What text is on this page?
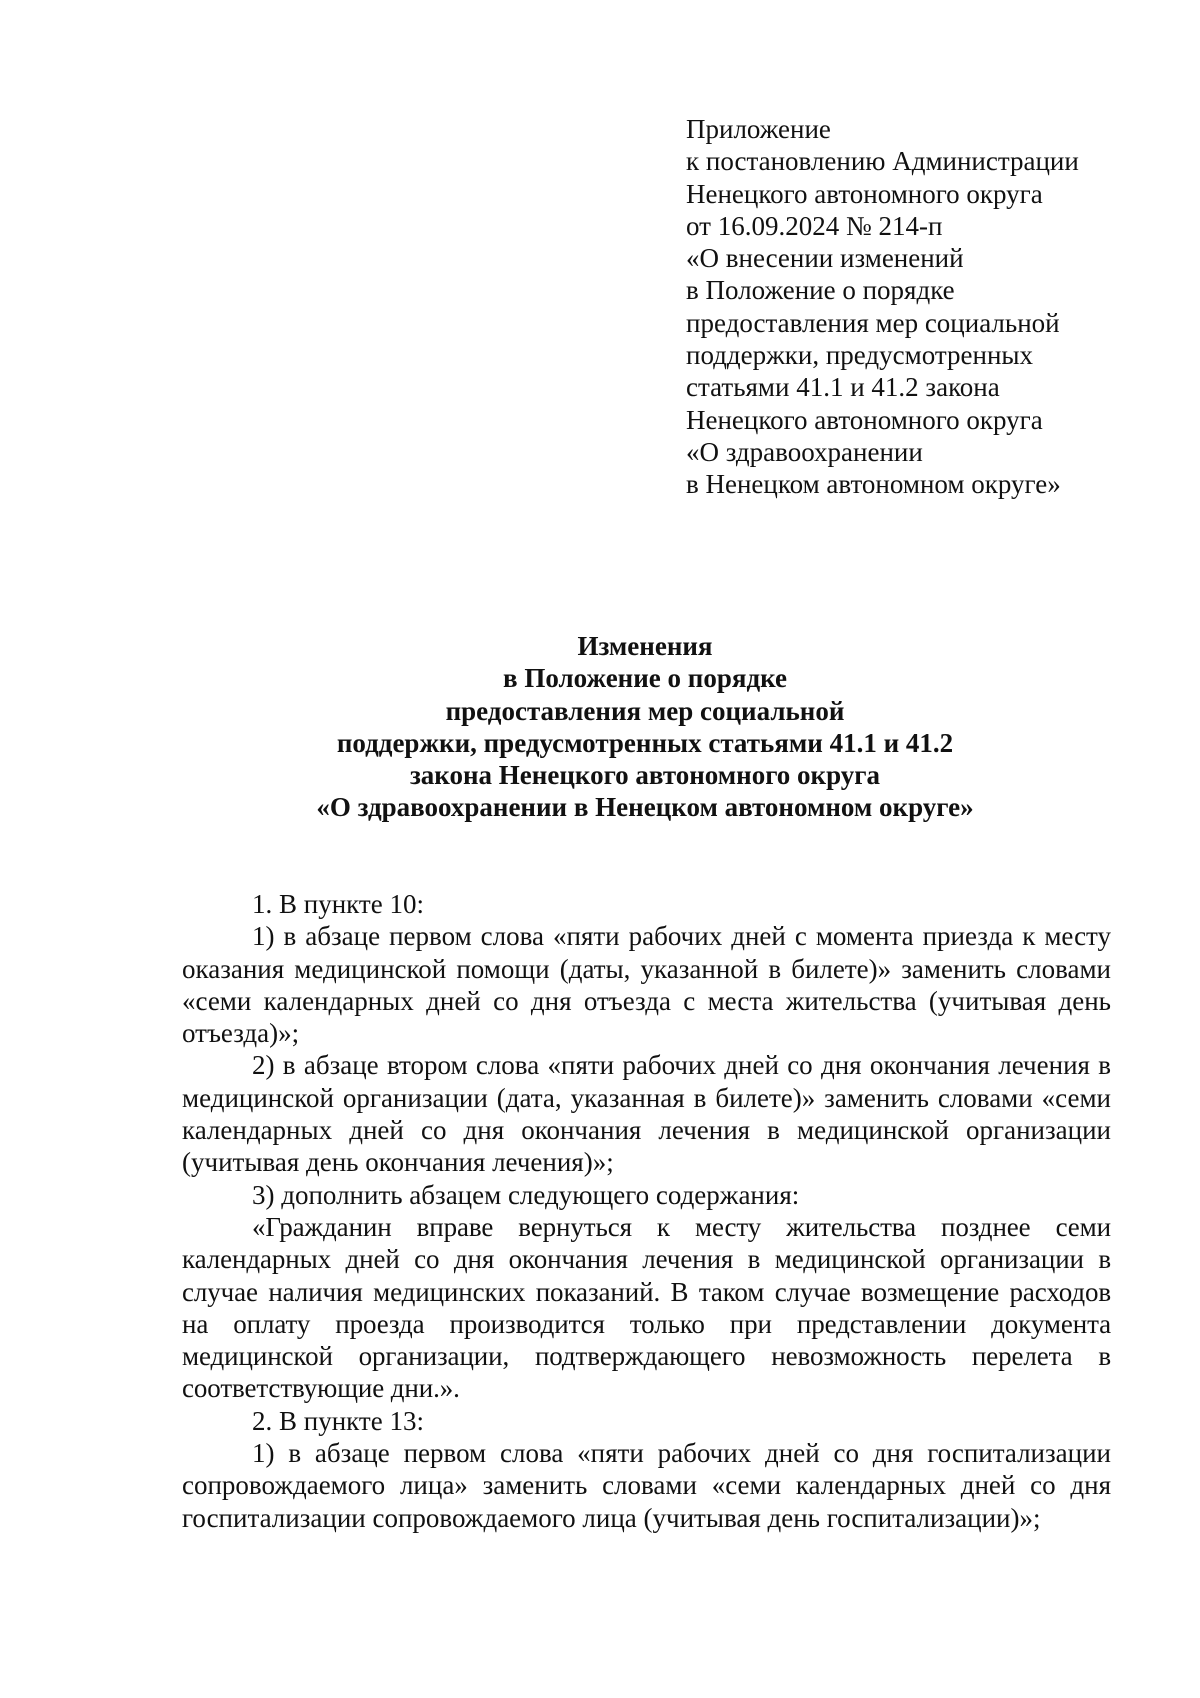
Приложение
к постановлению Администрации
Ненецкого автономного округа
от 16.09.2024 № 214-п
«О внесении изменений
в Положение о порядке
предоставления мер социальной
поддержки, предусмотренных
статьями 41.1 и 41.2 закона
Ненецкого автономного округа
«О здравоохранении
в Ненецком автономном округе»
Изменения
в Положение о порядке
предоставления мер социальной
поддержки, предусмотренных статьями 41.1 и 41.2
закона Ненецкого автономного округа
«О здравоохранении в Ненецком автономном округе»

1. В пункте 10:

1) в абзаце первом слова «пяти рабочих дней с момента приезда к месту оказания медицинской помощи (даты, указанной в билете)» заменить словами «семи календарных дней со дня отъезда с места жительства (учитывая день отъезда)»;

2) в абзаце втором слова «пяти рабочих дней со дня окончания лечения в медицинской организации (дата, указанная в билете)» заменить словами «семи календарных дней со дня окончания лечения в медицинской организации (учитывая день окончания лечения)»;

3) дополнить абзацем следующего содержания:

«Гражданин вправе вернуться к месту жительства позднее семи календарных дней со дня окончания лечения в медицинской организации в случае наличия медицинских показаний. В таком случае возмещение расходов на оплату проезда производится только при представлении документа медицинской организации, подтверждающего невозможность перелета в соответствующие дни.».

2. В пункте 13:

1) в абзаце первом слова «пяти рабочих дней со дня госпитализации сопровождаемого лица» заменить словами «семи календарных дней со дня госпитализации сопровождаемого лица (учитывая день госпитализации)»;
